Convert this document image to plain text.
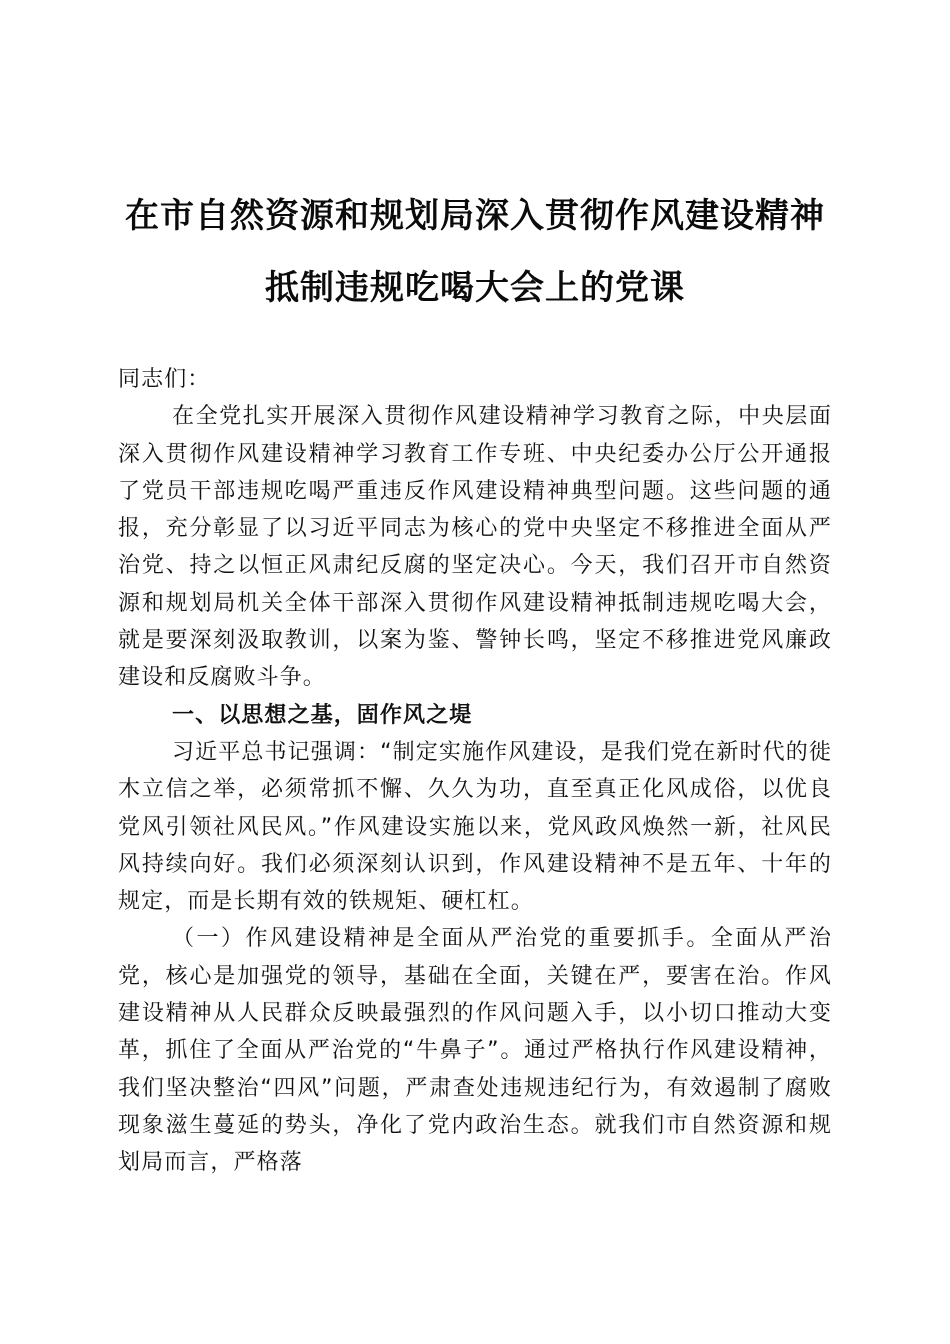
在市自然资源和规划局深入贯彻作风建设精神
抵制违规吃喝大会上的党课

同志们：

在全党扎实开展深入贯彻作风建设精神学习教育之际，中央层面深入贯彻作风建设精神学习教育工作专班、中央纪委办公厅公开通报了党员干部违规吃喝严重违反作风建设精神典型问题。这些问题的通报，充分彰显了以习近平同志为核心的党中央坚定不移推进全面从严治党、持之以恒正风肃纪反腐的坚定决心。今天，我们召开市自然资源和规划局机关全体干部深入贯彻作风建设精神抵制违规吃喝大会，就是要深刻汲取教训，以案为鉴、警钟长鸣，坚定不移推进党风廉政建设和反腐败斗争。

一、以思想之基，固作风之堤

习近平总书记强调：“制定实施作风建设，是我们党在新时代的徙木立信之举，必须常抓不懈、久久为功，直至真正化风成俗，以优良党风引领社风民风。”作风建设实施以来，党风政风焕然一新，社风民风持续向好。我们必须深刻认识到，作风建设精神不是五年、十年的规定，而是长期有效的铁规矩、硬杠杠。

（一）作风建设精神是全面从严治党的重要抓手。全面从严治党，核心是加强党的领导，基础在全面，关键在严，要害在治。作风建设精神从人民群众反映最强烈的作风问题入手，以小切口推动大变革，抓住了全面从严治党的“牛鼻子”。通过严格执行作风建设精神，我们坚决整治“四风”问题，严肃查处违规违纪行为，有效遏制了腐败现象滋生蔓延的势头，净化了党内政治生态。就我们市自然资源和规划局而言，严格落
